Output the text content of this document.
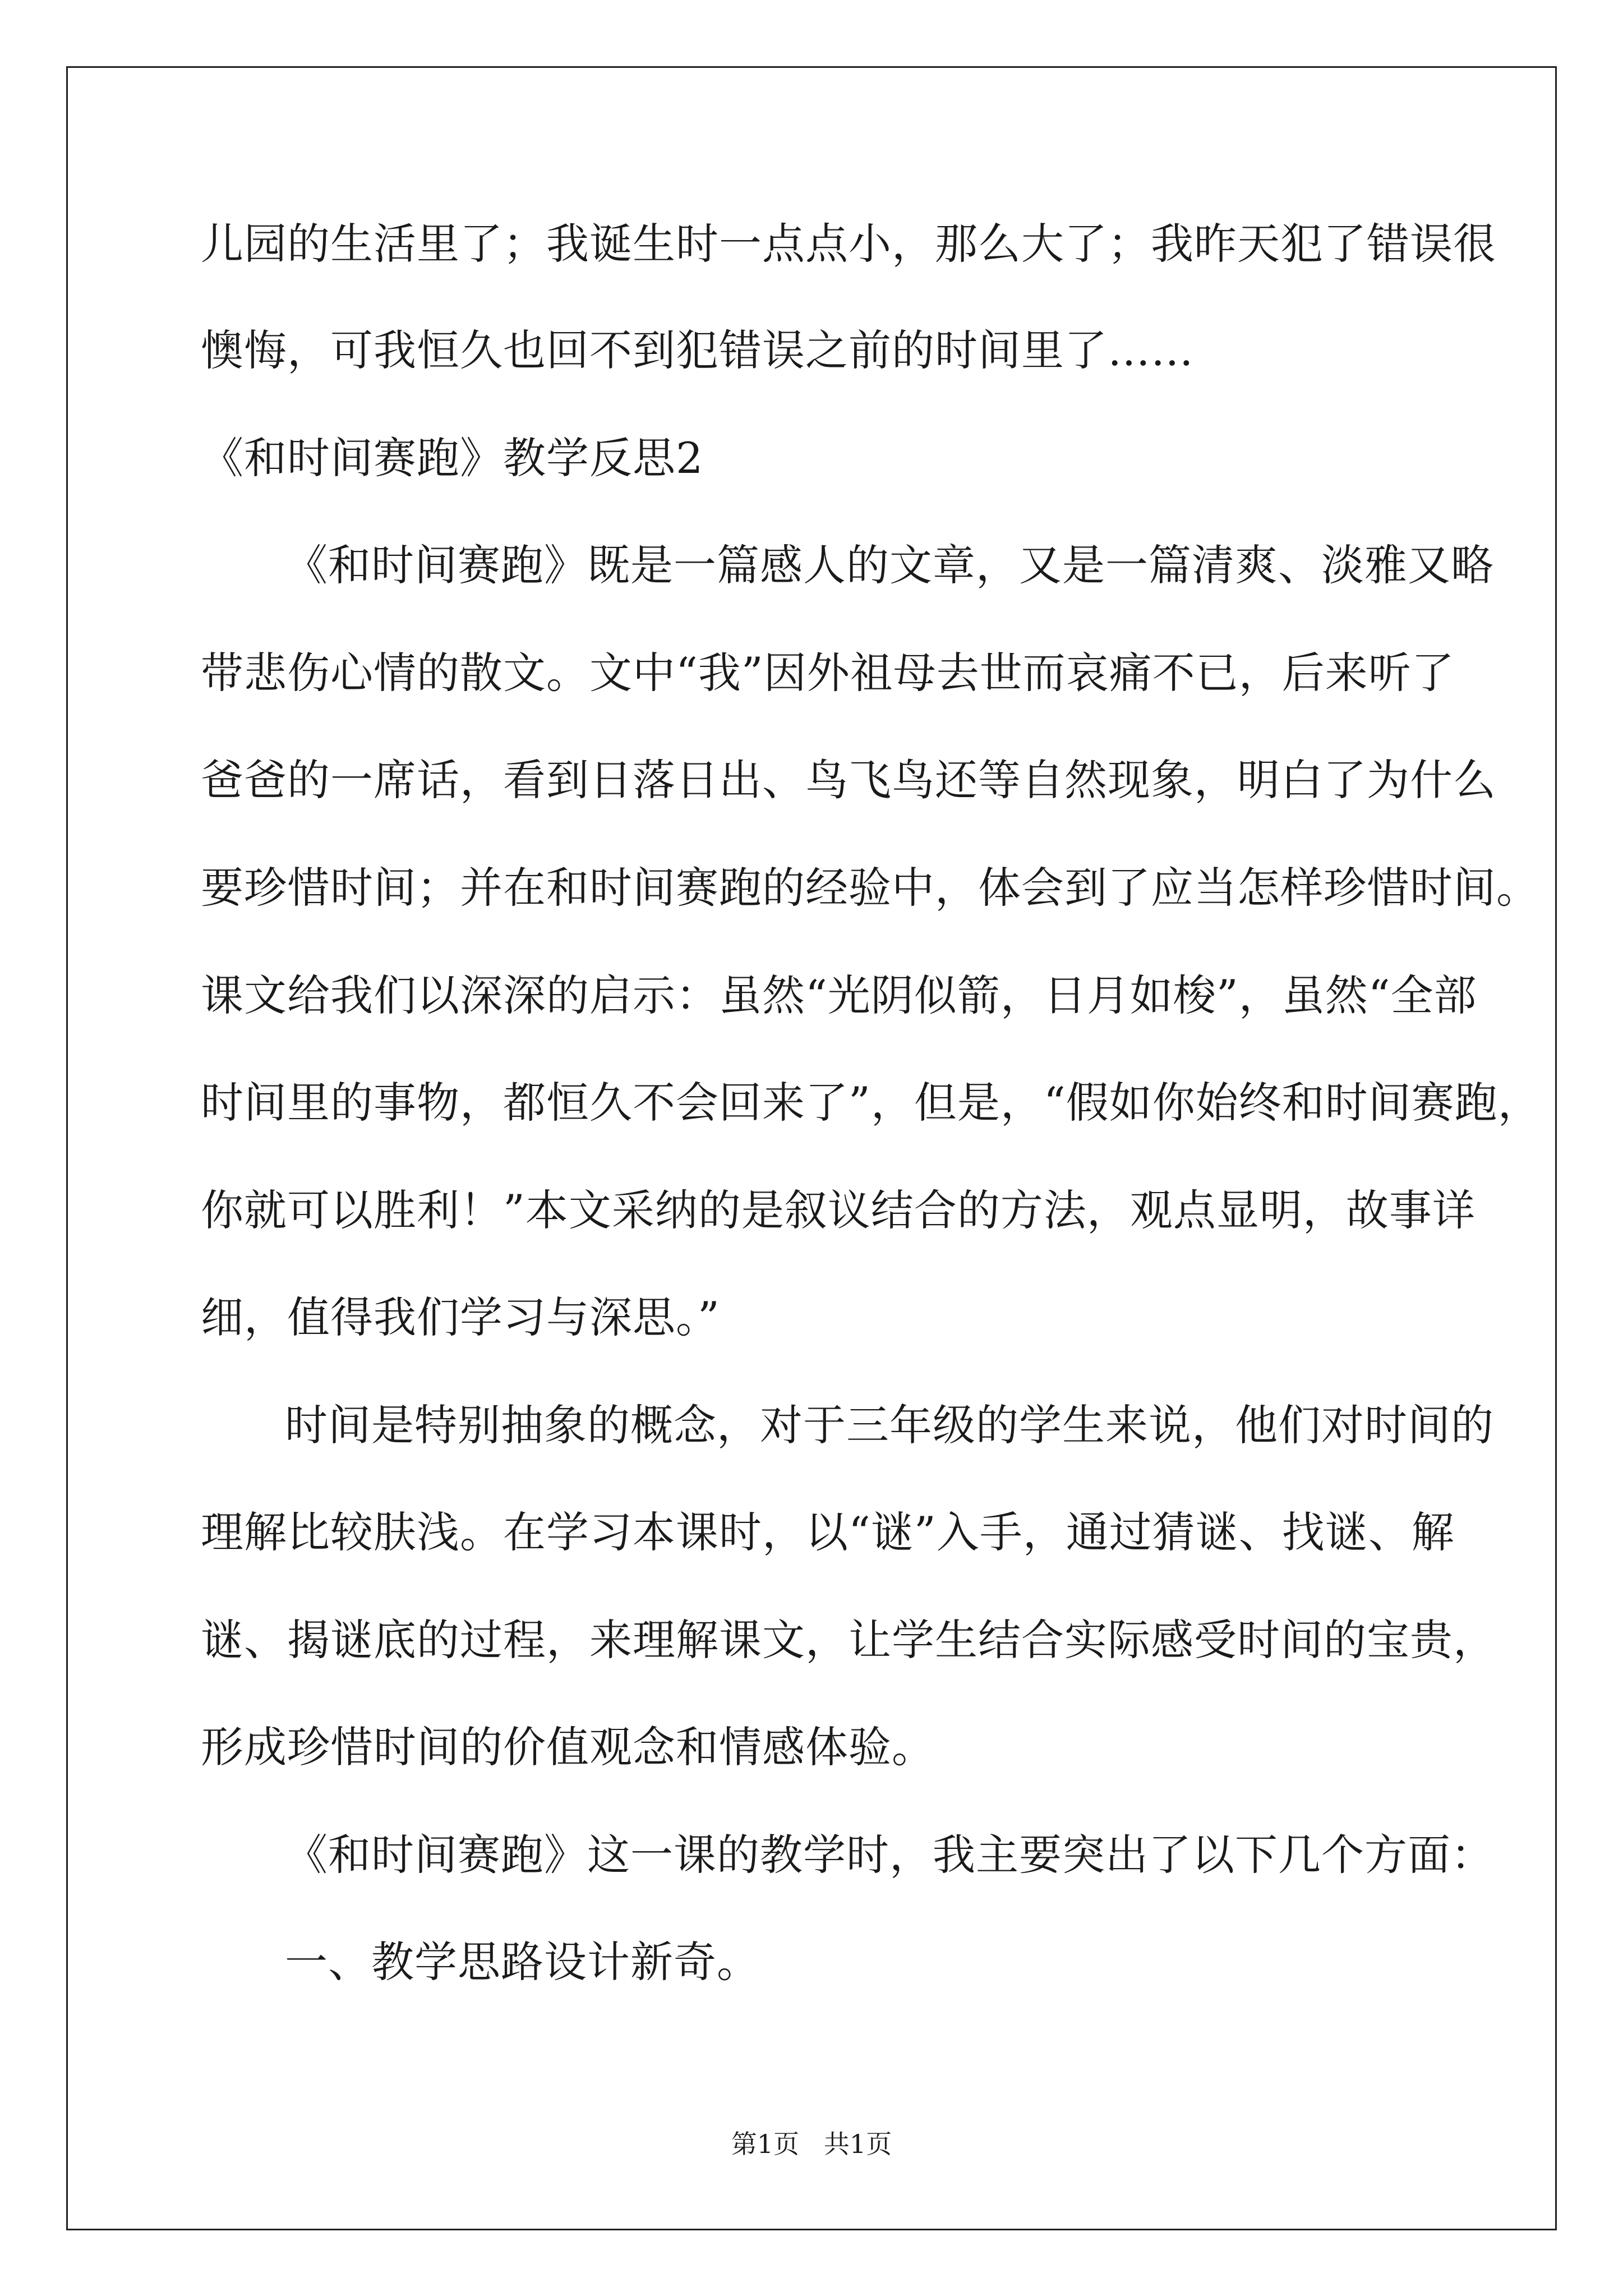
儿园的生活里了；我诞生时一点点小，那么大了；我昨天犯了错误很
懊悔，可我恒久也回不到犯错误之前的时间里了……
《和时间赛跑》教学反思2
《和时间赛跑》既是一篇感人的文章，又是一篇清爽、淡雅又略
带悲伤心情的散文。文中“我”因外祖母去世而哀痛不已，后来听了
爸爸的一席话，看到日落日出、鸟飞鸟还等自然现象，明白了为什么
要珍惜时间；并在和时间赛跑的经验中，体会到了应当怎样珍惜时间。
课文给我们以深深的启示：虽然“光阴似箭，日月如梭”，虽然“全部
时间里的事物，都恒久不会回来了”，但是，“假如你始终和时间赛跑，
你就可以胜利！”本文采纳的是叙议结合的方法，观点显明，故事详
细，值得我们学习与深思。”
时间是特别抽象的概念，对于三年级的学生来说，他们对时间的
理解比较肤浅。在学习本课时，以“谜”入手，通过猜谜、找谜、解
谜、揭谜底的过程，来理解课文，让学生结合实际感受时间的宝贵，
形成珍惜时间的价值观念和情感体验。
《和时间赛跑》这一课的教学时，我主要突出了以下几个方面：
一、教学思路设计新奇。
第1页   共1页
